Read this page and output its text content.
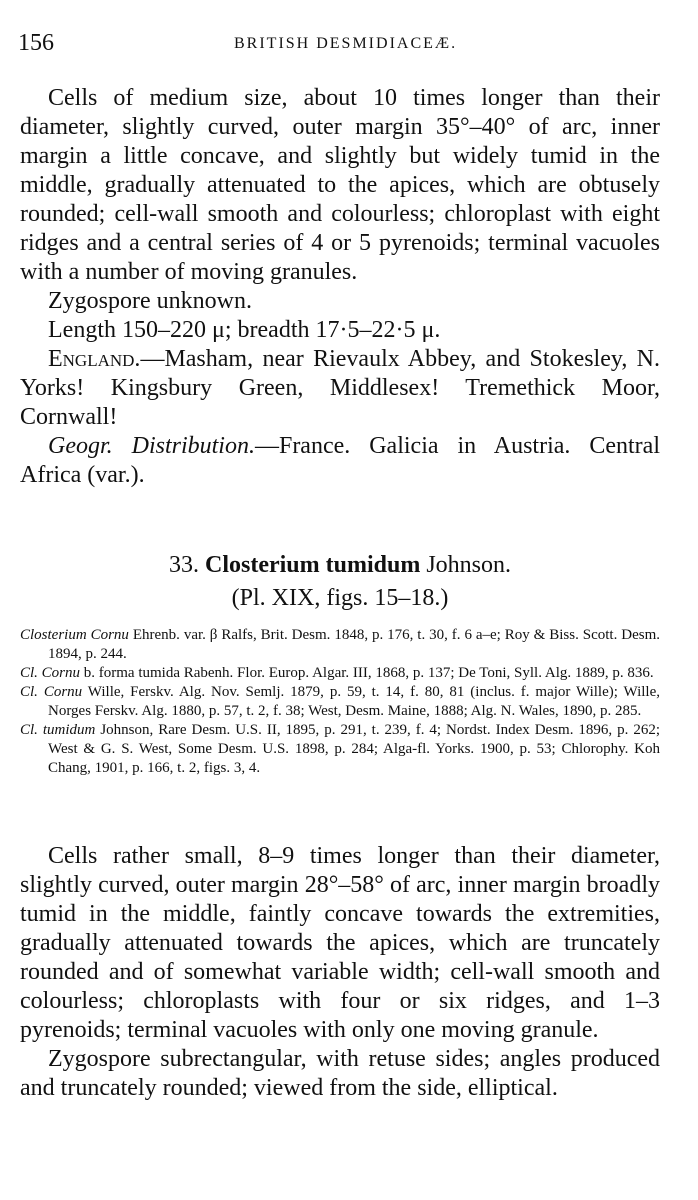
156	BRITISH DESMIDIACEÆ.

Cells of medium size, about 10 times longer than their diameter, slightly curved, outer margin 35°–40° of arc, inner margin a little concave, and slightly but widely tumid in the middle, gradually attenuated to the apices, which are obtusely rounded; cell-wall smooth and colourless; chloroplast with eight ridges and a central series of 4 or 5 pyrenoids; terminal vacuoles with a number of moving granules.

Zygospore unknown.

Length 150–220 μ; breadth 17·5–22·5 μ.

England.—Masham, near Rievaulx Abbey, and Stokesley, N. Yorks! Kingsbury Green, Middlesex! Tremethick Moor, Cornwall!

Geogr. Distribution.—France. Galicia in Austria. Central Africa (var.).

33. Closterium tumidum Johnson.

(Pl. XIX, figs. 15–18.)

Closterium Cornu Ehrenb. var. β Ralfs, Brit. Desm. 1848, p. 176, t. 30, f. 6 a–e; Roy & Biss. Scott. Desm. 1894, p. 244.

Cl. Cornu b. forma tumida Rabenh. Flor. Europ. Algar. III, 1868, p. 137; De Toni, Syll. Alg. 1889, p. 836.

Cl. Cornu Wille, Ferskv. Alg. Nov. Semlj. 1879, p. 59, t. 14, f. 80, 81 (inclus. f. major Wille); Wille, Norges Ferskv. Alg. 1880, p. 57, t. 2, f. 38; West, Desm. Maine, 1888; Alg. N. Wales, 1890, p. 285.

Cl. tumidum Johnson, Rare Desm. U.S. II, 1895, p. 291, t. 239, f. 4; Nordst. Index Desm. 1896, p. 262; West & G. S. West, Some Desm. U.S. 1898, p. 284; Alga-fl. Yorks. 1900, p. 53; Chlorophy. Koh Chang, 1901, p. 166, t. 2, figs. 3, 4.

Cells rather small, 8–9 times longer than their diameter, slightly curved, outer margin 28°–58° of arc, inner margin broadly tumid in the middle, faintly concave towards the extremities, gradually attenuated towards the apices, which are truncately rounded and of somewhat variable width; cell-wall smooth and colourless; chloroplasts with four or six ridges, and 1–3 pyrenoids; terminal vacuoles with only one moving granule.

Zygospore subrectangular, with retuse sides; angles produced and truncately rounded; viewed from the side, elliptical.
